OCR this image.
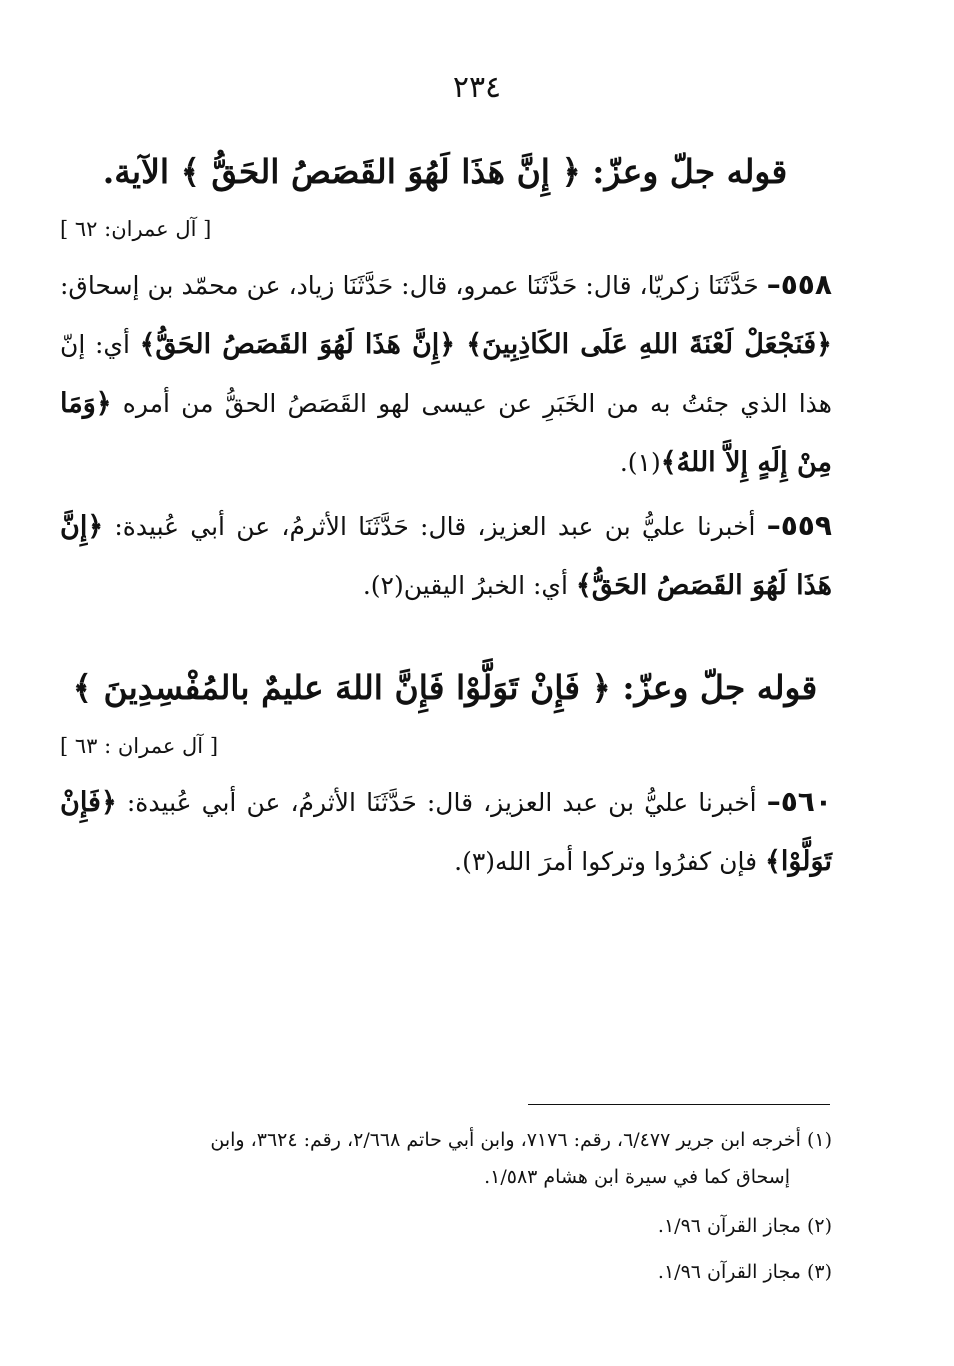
٢٣٤
قوله جلّ وعزّ: ﴿ إِنَّ هَذَا لَهُوَ القَصَصُ الحَقُّ ﴾ الآية.
[ آل عمران: ٦٢ ]
٥٥٨– حَدَّثَنَا زكريّا، قال: حَدَّثَنَا عمرو، قال: حَدَّثَنَا زياد، عن محمّد بن إسحاق: ﴿فَنَجْعَلْ لَعْنَةَ اللهِ عَلَى الكَاذِبِينَ﴾ ﴿إِنَّ هَذَا لَهُوَ القَصَصُ الحَقُّ﴾ أي: إنّ هذا الذي جئتُ به من الخَبَرِ عن عيسى لهو القَصَصُ الحقُّ من أمره ﴿وَمَا مِنْ إِلَهٍ إِلاَّ اللهُ﴾(١).
٥٥٩– أخبرنا عليُّ بن عبد العزيز، قال: حَدَّثَنَا الأثرمُ، عن أبي عُبيدة: ﴿إِنَّ هَذَا لَهُوَ القَصَصُ الحَقُّ﴾ أي: الخبرُ اليقين(٢).
قوله جلّ وعزّ: ﴿ فَإِنْ تَوَلَّوْا فَإِنَّ اللهَ عليمٌ بالمُفْسِدِينَ ﴾
[ آل عمران : ٦٣ ]
٥٦٠– أخبرنا عليُّ بن عبد العزيز، قال: حَدَّثَنَا الأثرمُ، عن أبي عُبيدة: ﴿فَإِنْ تَوَلَّوْا﴾ فإن كفرُوا وتركوا أمرَ الله(٣).
(١) أخرجه ابن جرير ٦/٤٧٧، رقم: ٧١٧٦، وابن أبي حاتم ٢/٦٦٨، رقم: ٣٦٢٤، وابن
إسحاق كما في سيرة ابن هشام ١/٥٨٣.
(٢) مجاز القرآن ١/٩٦.
(٣) مجاز القرآن ١/٩٦.
